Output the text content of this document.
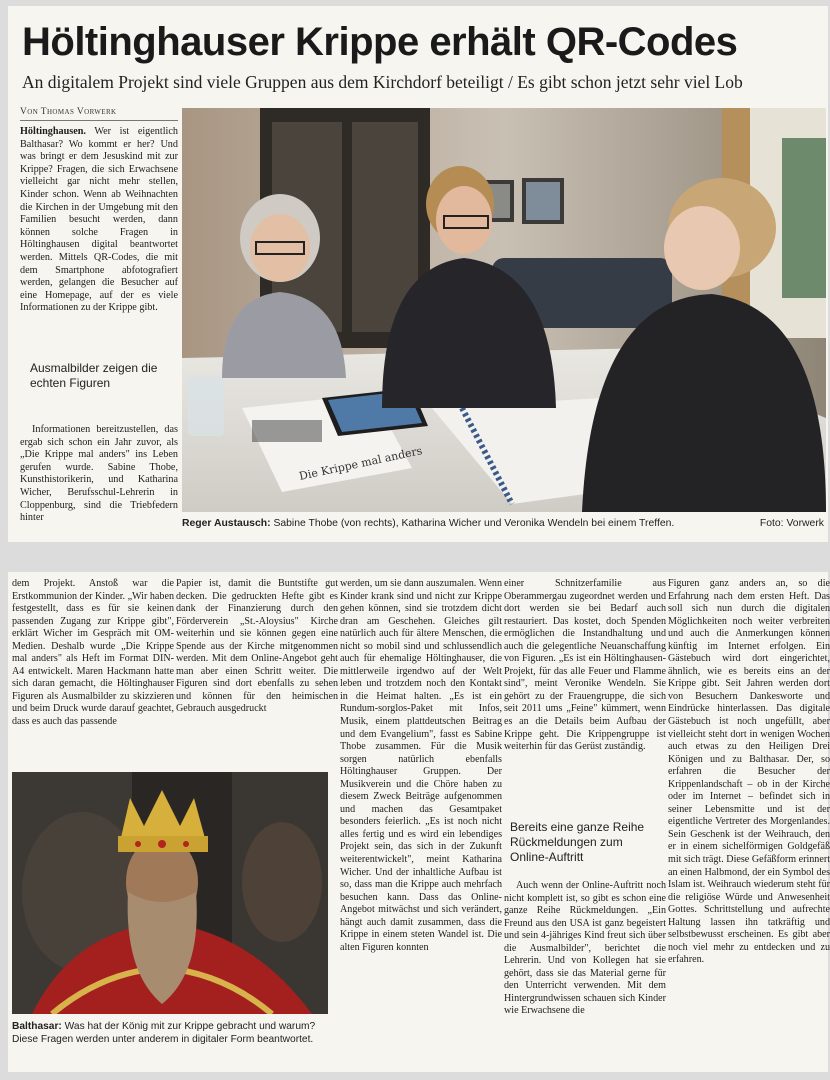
Höltinghauser Krippe erhält QR-Codes
An digitalem Projekt sind viele Gruppen aus dem Kirchdorf beteiligt / Es gibt schon jetzt sehr viel Lob
Von Thomas Vorwerk
Höltinghausen. Wer ist eigentlich Balthasar? Wo kommt er her? Und was bringt er dem Jesuskind mit zur Krippe? Fragen, die sich Erwachsene vielleicht gar nicht mehr stellen, Kinder schon. Wenn ab Weihnachten die Kirchen in der Umgebung mit den Familien besucht werden, dann können solche Fragen in Höltinghausen digital beantwortet werden. Mittels QR-Codes, die mit dem Smartphone abfotografiert werden, gelangen die Besucher auf eine Homepage, auf der es viele Informationen zu der Krippe gibt.
Ausmalbilder zeigen die echten Figuren
Informationen bereitzustellen, das ergab sich schon ein Jahr zuvor, als „Die Krippe mal anders" ins Leben gerufen wurde. Sabine Thobe, Kunsthistorikerin, und Katharina Wicher, Berufsschul-Lehrerin in Cloppenburg, sind die Triebfedern hinter
Die Krippe mal anders
Reger Austausch: Sabine Thobe (von rechts), Katharina Wicher und Veronika Wendeln bei einem Treffen.	Foto: Vorwerk
dem Projekt. Anstoß war die Erstkommunion der Kinder. „Wir haben festgestellt, dass es für sie keinen passenden Zugang zur Krippe gibt", erklärt Wicher im Gespräch mit OM-Medien. Deshalb wurde „Die Krippe mal anders" als Heft im Format DIN-A4 entwickelt. Maren Hackmann hatte sich daran gemacht, die Höltinghauser Figuren als Ausmalbilder zu skizzieren und beim Druck wurde darauf geachtet, dass es auch das passende
Papier ist, damit die Buntstifte gut decken. Die gedruckten Hefte gibt es dank der Finanzierung durch den Förderverein „St.-Aloysius" Kirche weiterhin und sie können gegen eine Spende aus der Kirche mitgenommen werden. Mit dem Online-Angebot geht man aber einen Schritt weiter. Die Figuren sind dort ebenfalls zu sehen und können für den heimischen Gebrauch ausgedruckt
werden, um sie dann auszumalen. Wenn Kinder krank sind und nicht zur Krippe gehen können, sind sie trotzdem dicht dran am Geschehen. Gleiches gilt natürlich auch für ältere Menschen, die nicht so mobil sind und schlussendlich auch für ehemalige Höltinghauser, die mittlerweile irgendwo auf der Welt leben und trotzdem noch den Kontakt in die Heimat halten. „Es ist ein Rundum-sorglos-Paket mit Infos, Musik, einem plattdeutschen Beitrag und dem Evangelium", fasst es Sabine Thobe zusammen. Für die Musik sorgen natürlich ebenfalls Höltinghauser Gruppen. Der Musikverein und die Chöre haben zu diesem Zweck Beiträge aufgenommen und machen das Gesamtpaket besonders feierlich. „Es ist noch nicht alles fertig und es wird ein lebendiges Projekt sein, das sich in der Zukunft weiterentwickelt", meint Katharina Wicher. Und der inhaltliche Aufbau ist so, dass man die Krippe auch mehrfach besuchen kann. Dass das Online-Angebot mitwächst und sich verändert, hängt auch damit zusammen, dass die Krippe in einem steten Wandel ist. Die alten Figuren konnten
einer Schnitzerfamilie aus Oberammergau zugeordnet werden und dort werden sie bei Bedarf auch restauriert. Das kostet, doch Spenden ermöglichen die Instandhaltung und auch die gelegentliche Neuanschaffung von Figuren. „Es ist ein Höltinghausen-Projekt, für das alle Feuer und Flamme sind", meint Veronike Wendeln. Sie gehört zu der Frauengruppe, die sich seit 2011 ums „Feine" kümmert, wenn es an die Details beim Aufbau der Krippe geht. Die Krippengruppe ist weiterhin für das Gerüst zuständig.
Bereits eine ganze Reihe Rückmeldungen zum Online-Auftritt
Auch wenn der Online-Auftritt noch nicht komplett ist, so gibt es schon eine ganze Reihe Rückmeldungen. „Ein Freund aus den USA ist ganz begeistert und sein 4-jähriges Kind freut sich über die Ausmalbilder", berichtet die Lehrerin. Und von Kollegen hat sie gehört, dass sie das Material gerne für den Unterricht verwenden. Mit dem Hintergrundwissen schauen sich Kinder wie Erwachsene die
Figuren ganz anders an, so die Erfahrung nach dem ersten Heft. Das soll sich nun durch die digitalen Möglichkeiten noch weiter verbreiten und auch die Anmerkungen können künftig im Internet erfolgen. Ein Gästebuch wird dort eingerichtet, ähnlich, wie es bereits eins an der Krippe gibt. Seit Jahren werden dort von Besuchern Dankesworte und Eindrücke hinterlassen. Das digitale Gästebuch ist noch ungefüllt, aber vielleicht steht dort in wenigen Wochen auch etwas zu den Heiligen Drei Königen und zu Balthasar. Der, so erfahren die Besucher der Krippenlandschaft – ob in der Kirche oder im Internet – befindet sich in seiner Lebensmitte und ist der eigentliche Vertreter des Morgenlandes. Sein Geschenk ist der Weihrauch, den er in einem sichelförmigen Goldgefäß mit sich trägt. Diese Gefäßform erinnert an einen Halbmond, der ein Symbol des Islam ist. Weihrauch wiederum steht für die religiöse Würde und Anwesenheit Gottes. Schrittstellung und aufrechte Haltung lassen ihn tatkräftig und selbstbewusst erscheinen. Es gibt aber noch viel mehr zu entdecken und zu erfahren.
Balthasar: Was hat der König mit zur Krippe gebracht und warum? Diese Fragen werden unter anderem in digitaler Form beantwortet.
